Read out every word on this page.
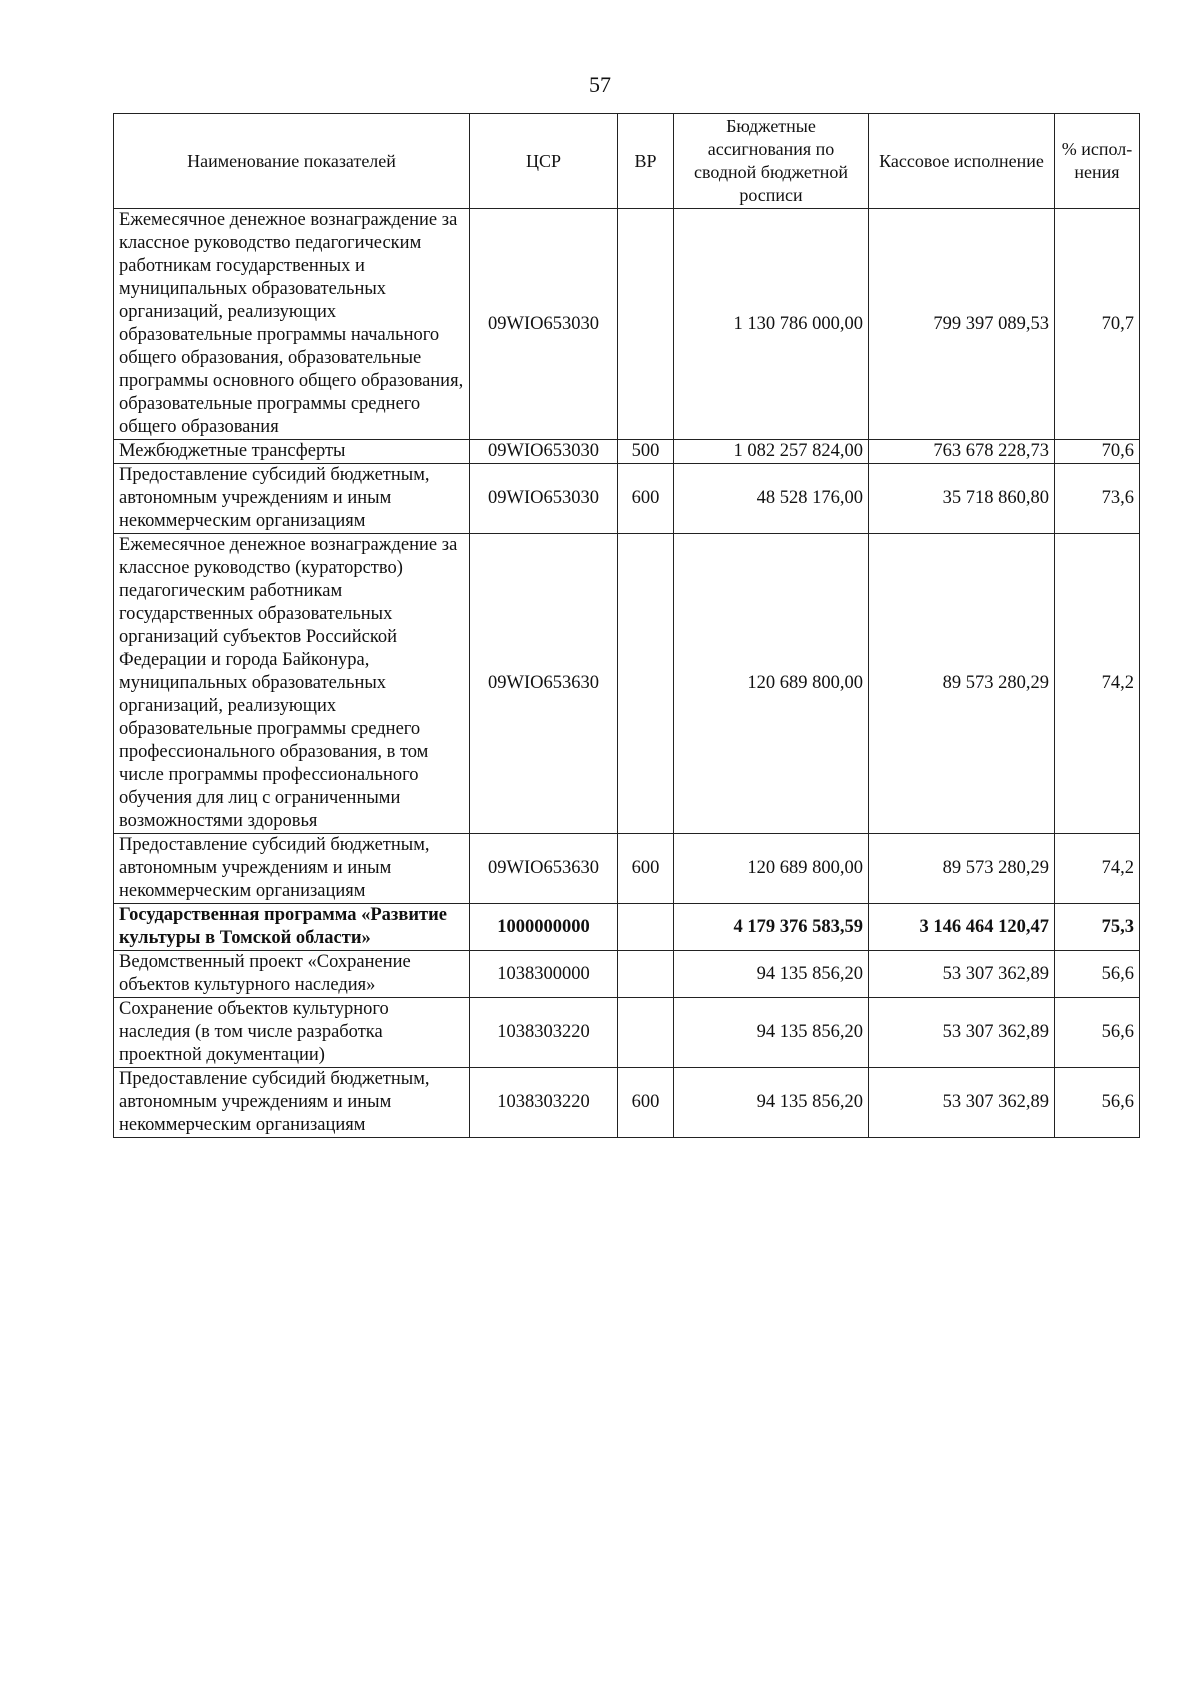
57
Наименование показателей	ЦСР	ВР	Бюджетные ассигнования по сводной бюджетной росписи	Кассовое исполнение	% испол-нения
Ежемесячное денежное вознаграждение за классное руководство педагогическим работникам государственных и муниципальных образовательных организаций, реализующих образовательные программы начального общего образования, образовательные программы основного общего образования, образовательные программы среднего общего образования	09WIО653030		1 130 786 000,00	799 397 089,53	70,7
Межбюджетные трансферты	09WIО653030	500	1 082 257 824,00	763 678 228,73	70,6
Предоставление субсидий бюджетным, автономным учреждениям и иным некоммерческим организациям	09WIО653030	600	48 528 176,00	35 718 860,80	73,6
Ежемесячное денежное вознаграждение за классное руководство (кураторство) педагогическим работникам государственных образовательных организаций субъектов Российской Федерации и города Байконура, муниципальных образовательных организаций, реализующих образовательные программы среднего профессионального образования, в том числе программы профессионального обучения для лиц с ограниченными возможностями здоровья	09WIО653630		120 689 800,00	89 573 280,29	74,2
Предоставление субсидий бюджетным, автономным учреждениям и иным некоммерческим организациям	09WIО653630	600	120 689 800,00	89 573 280,29	74,2
Государственная программа «Развитие культуры в Томской области»	1000000000		4 179 376 583,59	3 146 464 120,47	75,3
Ведомственный проект «Сохранение объектов культурного наследия»	1038300000		94 135 856,20	53 307 362,89	56,6
Сохранение объектов культурного наследия (в том числе разработка проектной документации)	1038303220		94 135 856,20	53 307 362,89	56,6
Предоставление субсидий бюджетным, автономным учреждениям и иным некоммерческим организациям	1038303220	600	94 135 856,20	53 307 362,89	56,6
